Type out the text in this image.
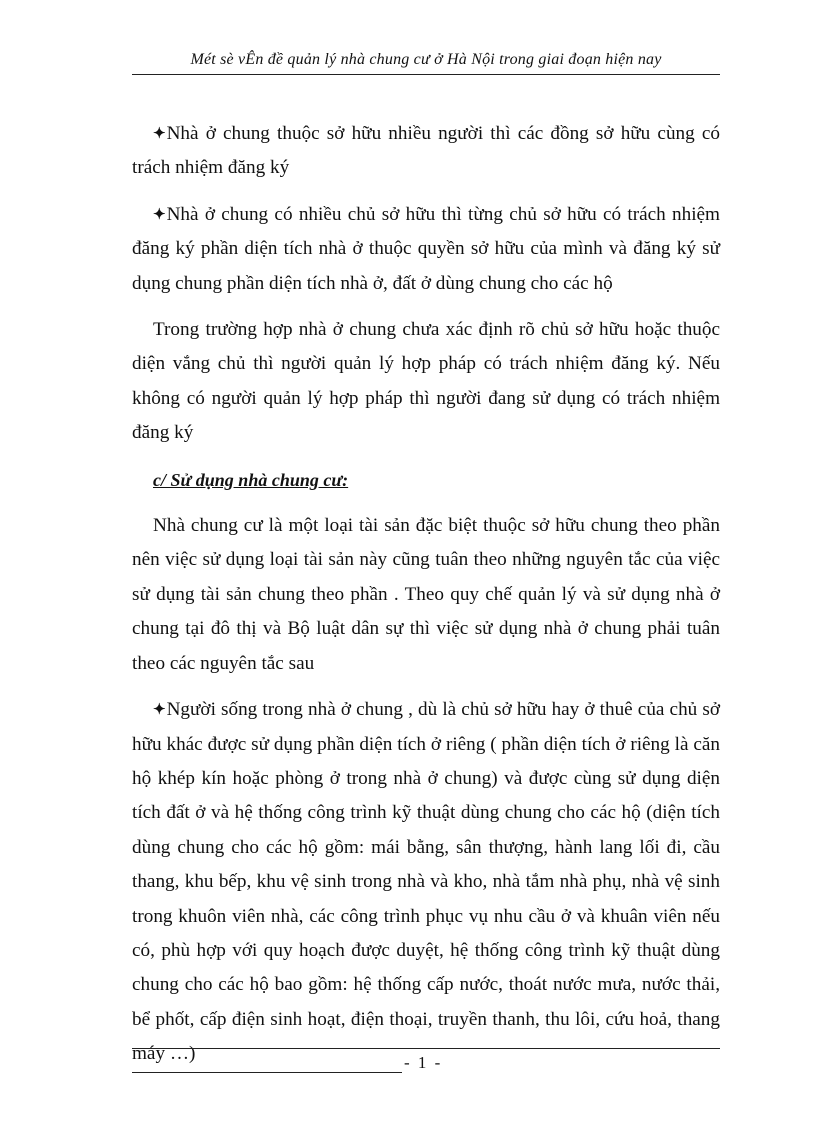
Mét sè vÊn đề quản lý nhà chung cư ở Hà Nội trong giai đoạn hiện nay

✦Nhà ở chung thuộc sở hữu nhiều người thì các đồng sở hữu cùng có trách nhiệm đăng ký

✦Nhà ở chung có nhiều chủ sở hữu thì từng chủ sở hữu có trách nhiệm đăng ký phần diện tích nhà ở thuộc quyền sở hữu của mình và đăng ký sử dụng chung phần diện tích nhà ở, đất ở dùng chung cho các hộ

Trong trường hợp nhà ở chung chưa xác định rõ chủ sở hữu hoặc thuộc diện vắng chủ thì người quản lý hợp pháp có trách nhiệm đăng ký. Nếu không có người quản lý hợp pháp thì người đang sử dụng có trách nhiệm đăng ký

c/ Sử dụng nhà chung cư:

Nhà chung cư là một loại tài sản đặc biệt thuộc sở hữu chung theo phần nên việc sử dụng loại tài sản này cũng tuân theo những nguyên tắc của việc sử dụng tài sản chung theo phần . Theo quy chế quản lý và sử dụng nhà ở chung tại đô thị và Bộ luật dân sự thì việc sử dụng nhà ở chung phải tuân theo các nguyên tắc sau

✦Người sống trong nhà ở chung , dù là chủ sở hữu hay ở thuê của chủ sở hữu khác được sử dụng phần diện tích ở riêng ( phần diện tích ở riêng là căn hộ khép kín hoặc phòng ở trong nhà ở chung) và được cùng sử dụng diện tích đất ở và hệ thống công trình kỹ thuật dùng chung cho các hộ (diện tích dùng chung cho các hộ gồm: mái bằng, sân thượng, hành lang lối đi, cầu thang, khu bếp, khu vệ sinh trong nhà và kho, nhà tắm nhà phụ, nhà vệ sinh trong khuôn viên nhà, các công trình phục vụ nhu cầu ở và khuân viên nếu có, phù hợp với quy hoạch được duyệt, hệ thống công trình kỹ thuật dùng chung cho các hộ bao gồm: hệ thống cấp nước, thoát nước mưa, nước thải, bể phốt, cấp điện sinh hoạt, điện thoại, truyền thanh, thu lôi, cứu hoả, thang máy …)	- 1 -
